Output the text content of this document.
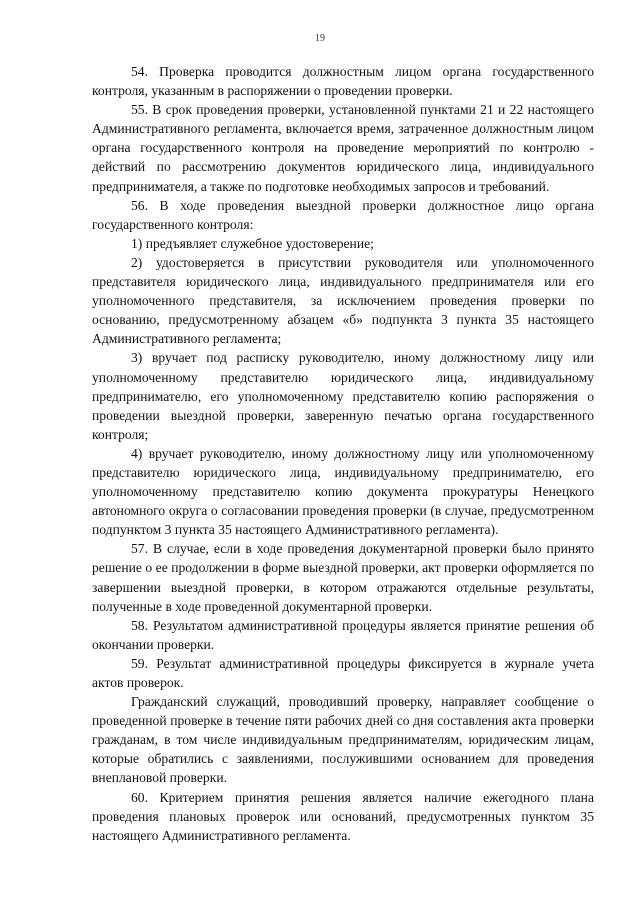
19

54. Проверка проводится должностным лицом органа государственного контроля, указанным в распоряжении о проведении проверки.

55. В срок проведения проверки, установленной пунктами 21 и 22 настоящего Административного регламента, включается время, затраченное должностным лицом органа государственного контроля на проведение мероприятий по контролю - действий по рассмотрению документов юридического лица, индивидуального предпринимателя, а также по подготовке необходимых запросов и требований.

56. В ходе проведения выездной проверки должностное лицо органа государственного контроля:

1) предъявляет служебное удостоверение;

2) удостоверяется в присутствии руководителя или уполномоченного представителя юридического лица, индивидуального предпринимателя или его уполномоченного представителя, за исключением проведения проверки по основанию, предусмотренному абзацем «б» подпункта 3 пункта 35 настоящего Административного регламента;

3) вручает под расписку руководителю, иному должностному лицу или уполномоченному представителю юридического лица, индивидуальному предпринимателю, его уполномоченному представителю копию распоряжения о проведении выездной проверки, заверенную печатью органа государственного контроля;

4) вручает руководителю, иному должностному лицу или уполномоченному представителю юридического лица, индивидуальному предпринимателю, его уполномоченному представителю копию документа прокуратуры Ненецкого автономного округа о согласовании проведения проверки (в случае, предусмотренном подпунктом 3 пункта 35 настоящего Административного регламента).

57. В случае, если в ходе проведения документарной проверки было принято решение о ее продолжении в форме выездной проверки, акт проверки оформляется по завершении выездной проверки, в котором отражаются отдельные результаты, полученные в ходе проведенной документарной проверки.

58. Результатом административной процедуры является принятие решения об окончании проверки.

59. Результат административной процедуры фиксируется в журнале учета актов проверок.

Гражданский служащий, проводивший проверку, направляет сообщение о проведенной проверке в течение пяти рабочих дней со дня составления акта проверки гражданам, в том числе индивидуальным предпринимателям, юридическим лицам, которые обратились с заявлениями, послужившими основанием для проведения внеплановой проверки.

60. Критерием принятия решения является наличие ежегодного плана проведения плановых проверок или оснований, предусмотренных пунктом 35 настоящего Административного регламента.
